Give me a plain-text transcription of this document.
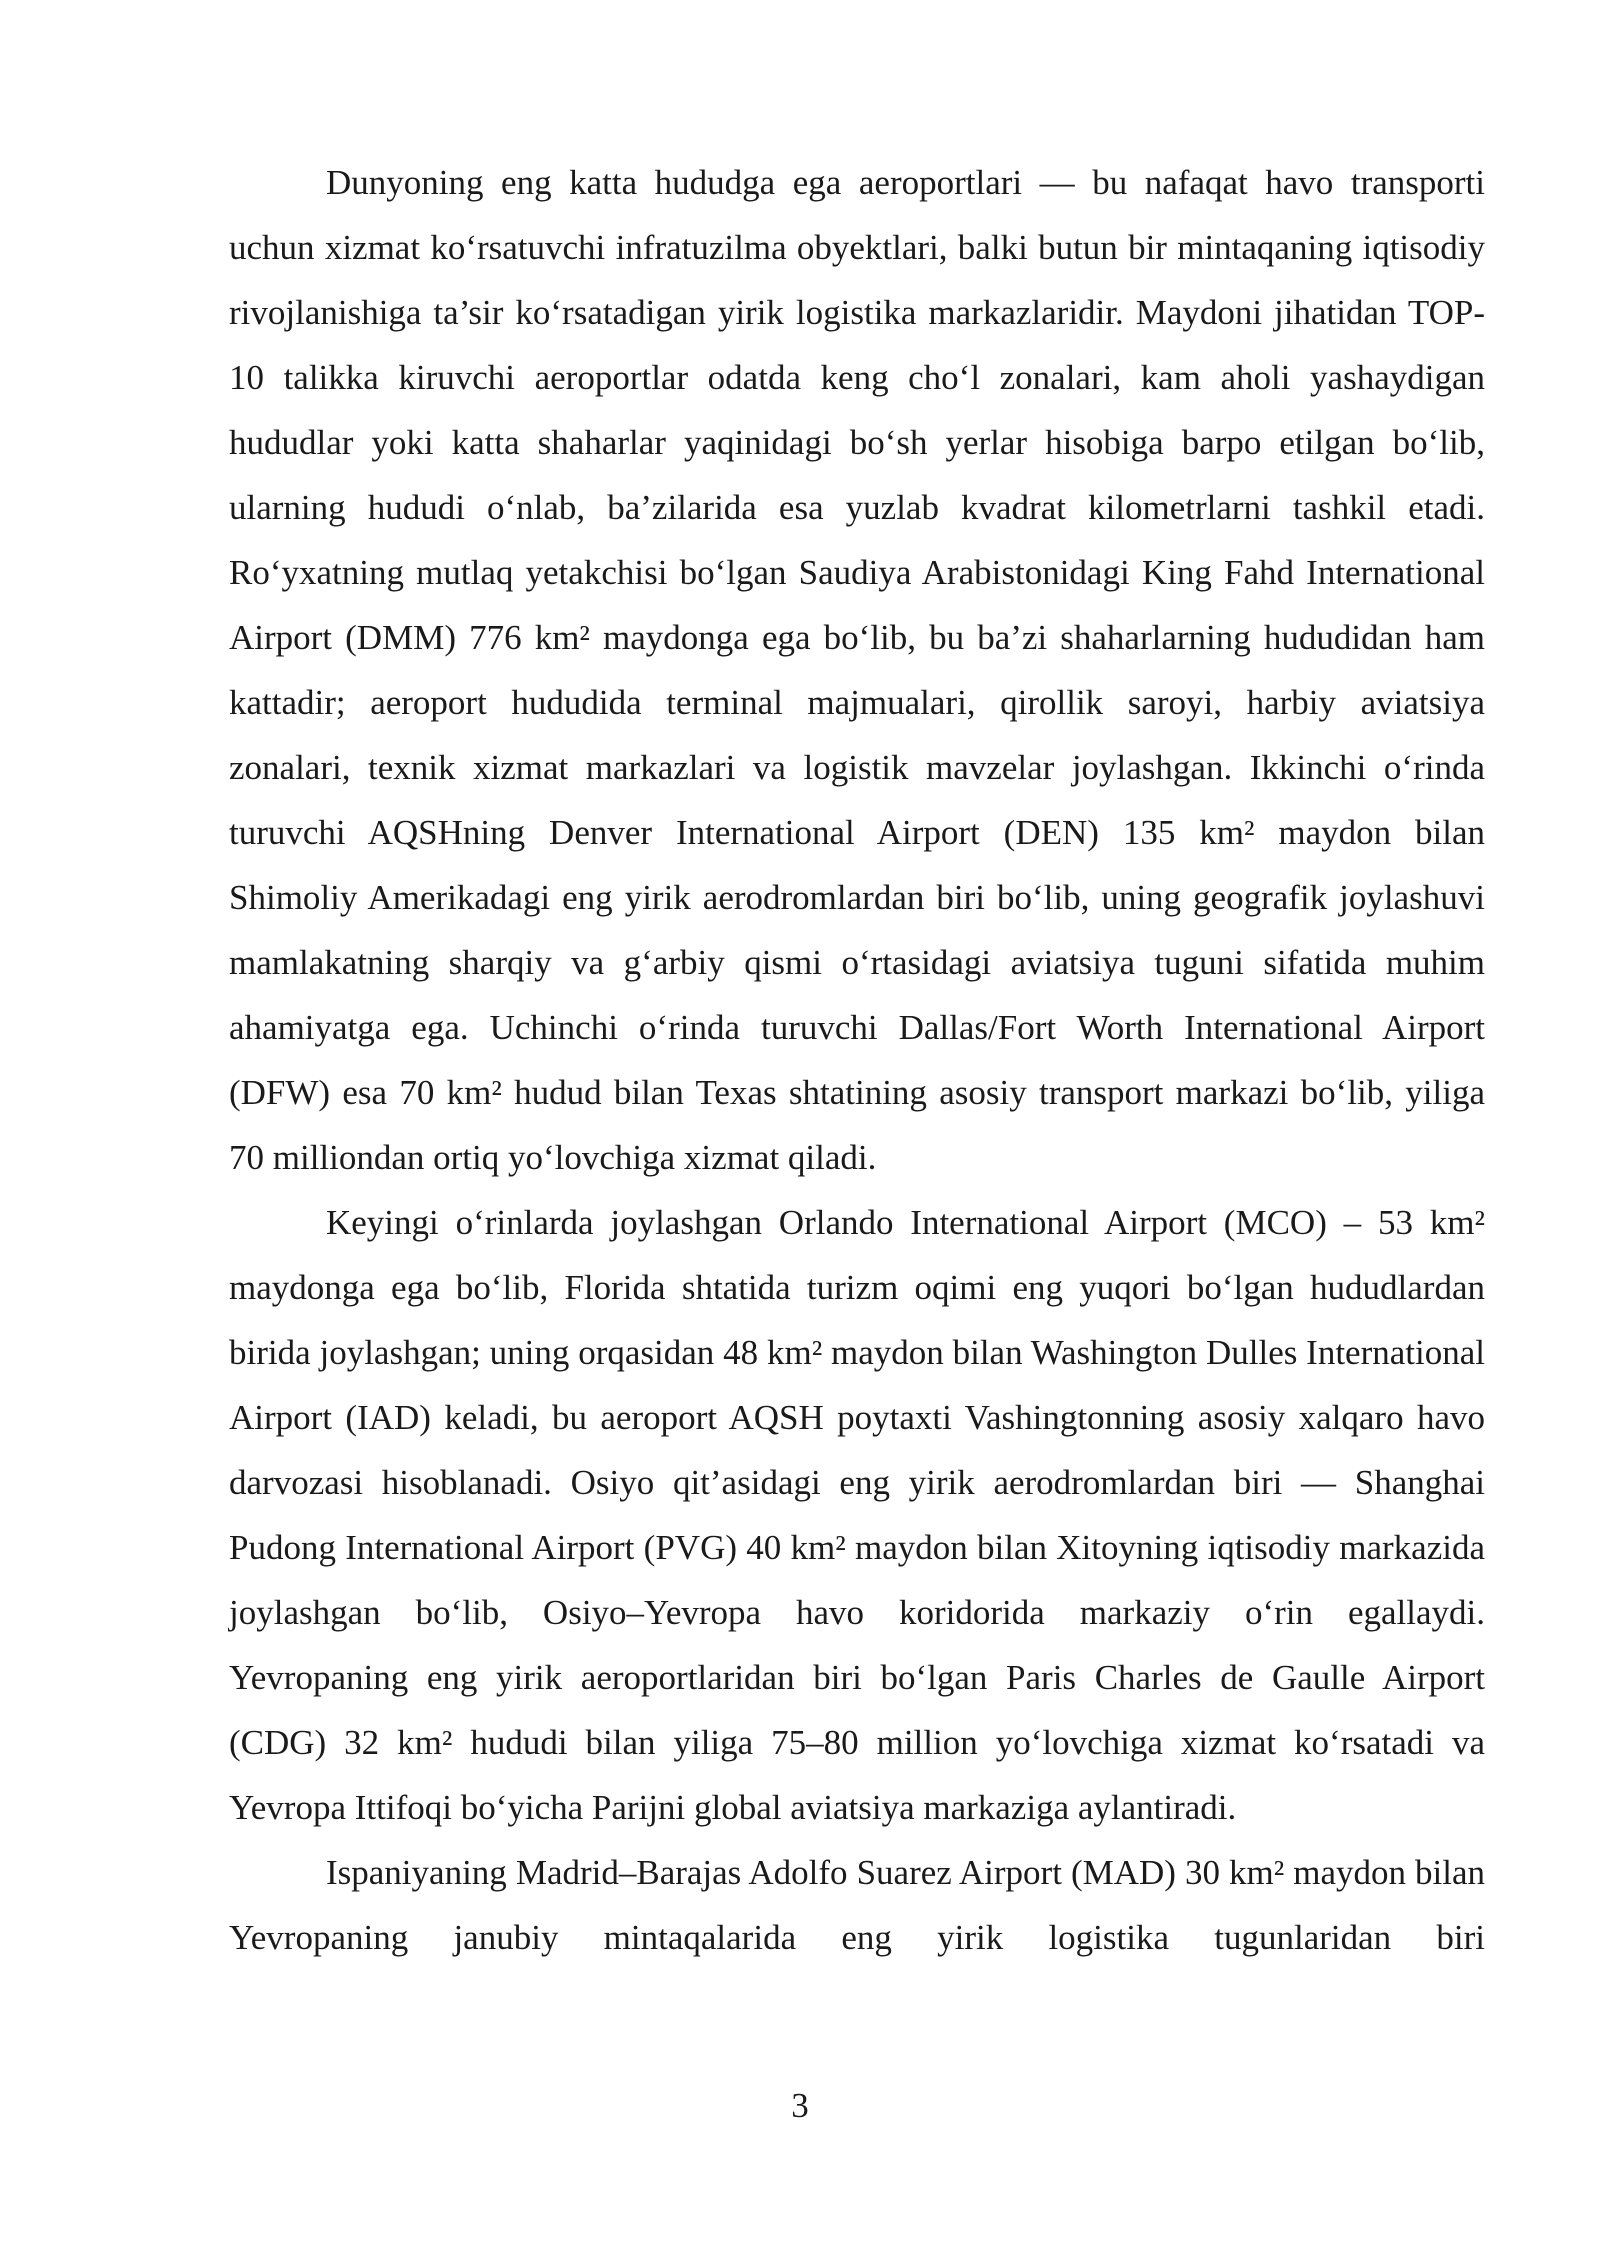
Dunyoning eng katta hududga ega aeroportlari — bu nafaqat havo transporti uchun xizmat ko‘rsatuvchi infratuzilma obyektlari, balki butun bir mintaqaning iqtisodiy rivojlanishiga ta’sir ko‘rsatadigan yirik logistika markazlaridir. Maydoni jihatidan TOP-10 talikka kiruvchi aeroportlar odatda keng cho‘l zonalari, kam aholi yashaydigan hududlar yoki katta shaharlar yaqinidagi bo‘sh yerlar hisobiga barpo etilgan bo‘lib, ularning hududi o‘nlab, ba’zilarida esa yuzlab kvadrat kilometrlarni tashkil etadi. Ro‘yxatning mutlaq yetakchisi bo‘lgan Saudiya Arabistonidagi King Fahd International Airport (DMM) 776 km² maydonga ega bo‘lib, bu ba’zi shaharlarning hududidan ham kattadir; aeroport hududida terminal majmualari, qirollik saroyi, harbiy aviatsiya zonalari, texnik xizmat markazlari va logistik mavzelar joylashgan. Ikkinchi o‘rinda turuvchi AQSHning Denver International Airport (DEN) 135 km² maydon bilan Shimoliy Amerikadagi eng yirik aerodromlardan biri bo‘lib, uning geografik joylashuvi mamlakatning sharqiy va g‘arbiy qismi o‘rtasidagi aviatsiya tuguni sifatida muhim ahamiyatga ega. Uchinchi o‘rinda turuvchi Dallas/Fort Worth International Airport (DFW) esa 70 km² hudud bilan Texas shtatining asosiy transport markazi bo‘lib, yiliga 70 milliondan ortiq yo‘lovchiga xizmat qiladi.

Keyingi o‘rinlarda joylashgan Orlando International Airport (MCO) – 53 km² maydonga ega bo‘lib, Florida shtatida turizm oqimi eng yuqori bo‘lgan hududlardan birida joylashgan; uning orqasidan 48 km² maydon bilan Washington Dulles International Airport (IAD) keladi, bu aeroport AQSH poytaxti Vashingtonning asosiy xalqaro havo darvozasi hisoblanadi. Osiyo qit’asidagi eng yirik aerodromlardan biri — Shanghai Pudong International Airport (PVG) 40 km² maydon bilan Xitoyning iqtisodiy markazida joylashgan bo‘lib, Osiyo–Yevropa havo koridorida markaziy o‘rin egallaydi. Yevropaning eng yirik aeroportlaridan biri bo‘lgan Paris Charles de Gaulle Airport (CDG) 32 km² hududi bilan yiliga 75–80 million yo‘lovchiga xizmat ko‘rsatadi va Yevropa Ittifoqi bo‘yicha Parijni global aviatsiya markaziga aylantiradi.

Ispaniyaning Madrid–Barajas Adolfo Suarez Airport (MAD) 30 km² maydon bilan Yevropaning janubiy mintaqalarida eng yirik logistika tugunlaridan biri

3
